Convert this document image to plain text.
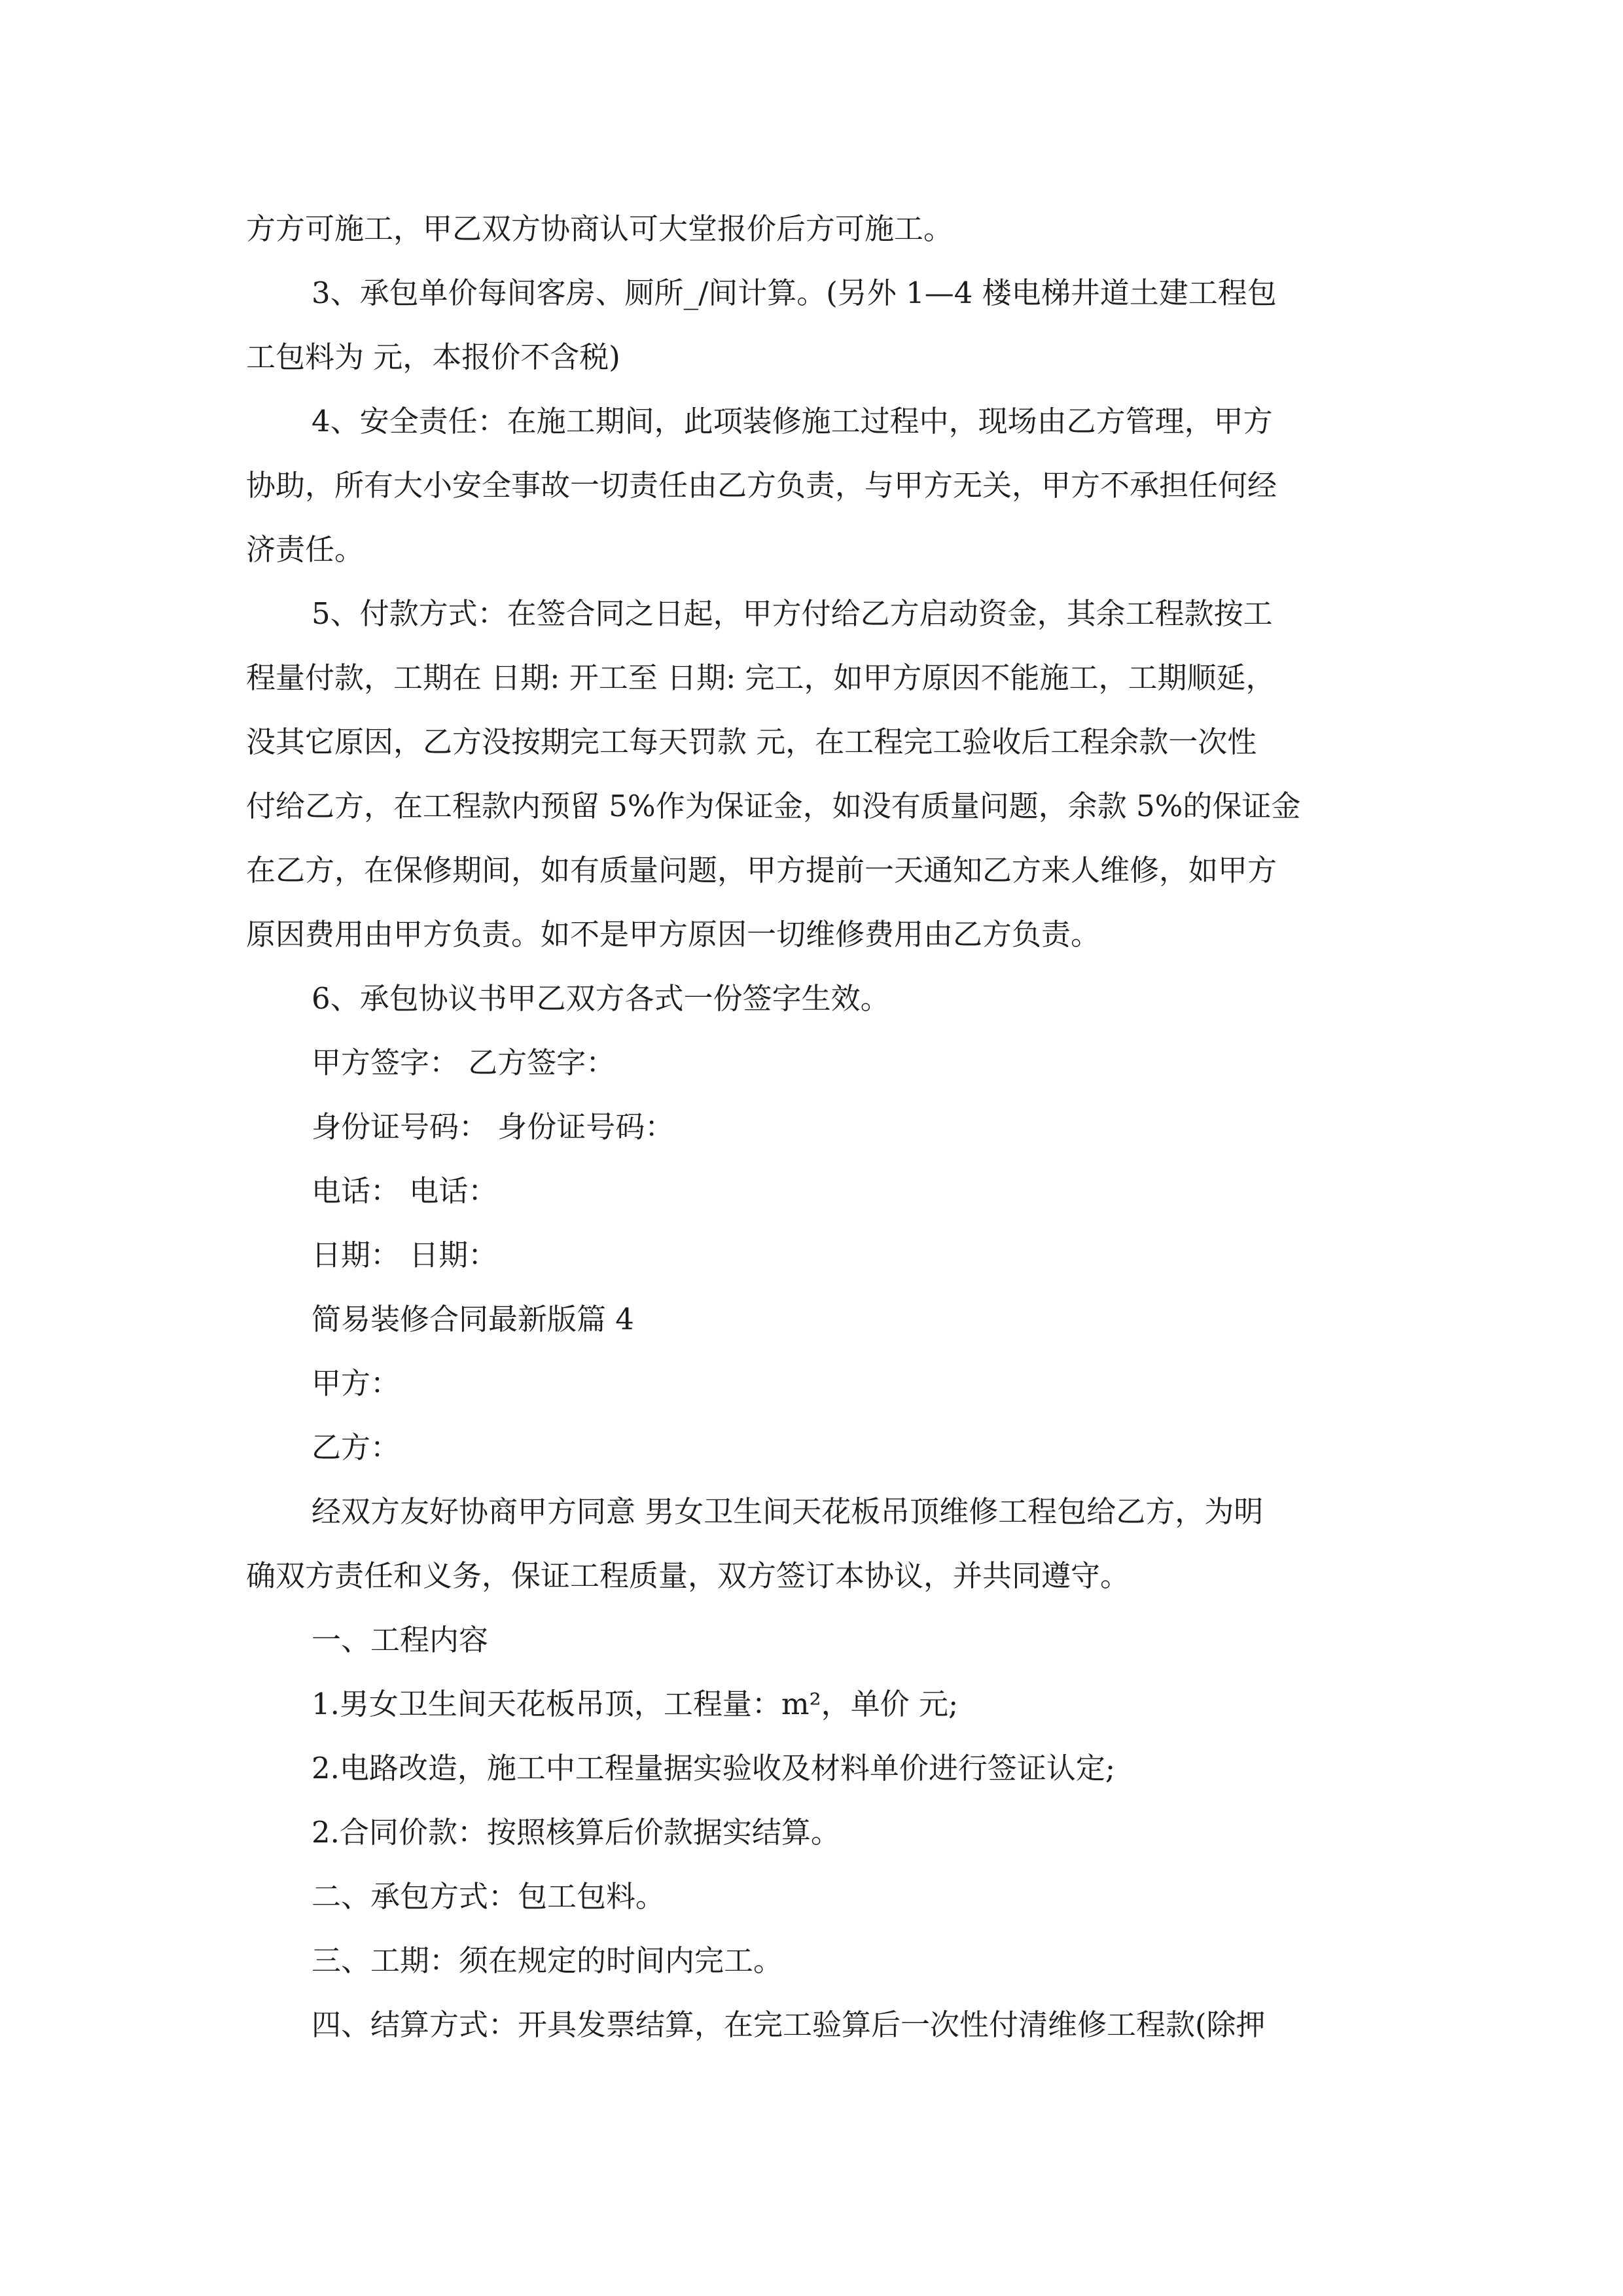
方方可施工，甲乙双方协商认可大堂报价后方可施工。
3、承包单价每间客房、厕所_/间计算。(另外 1—4 楼电梯井道土建工程包
工包料为 元，本报价不含税)
4、安全责任：在施工期间，此项装修施工过程中，现场由乙方管理，甲方
协助，所有大小安全事故一切责任由乙方负责，与甲方无关，甲方不承担任何经
济责任。
5、付款方式：在签合同之日起，甲方付给乙方启动资金，其余工程款按工
程量付款，工期在 日期: 开工至 日期: 完工，如甲方原因不能施工，工期顺延，
没其它原因，乙方没按期完工每天罚款 元，在工程完工验收后工程余款一次性
付给乙方，在工程款内预留 5%作为保证金，如没有质量问题，余款 5%的保证金
在乙方，在保修期间，如有质量问题，甲方提前一天通知乙方来人维修，如甲方
原因费用由甲方负责。如不是甲方原因一切维修费用由乙方负责。
6、承包协议书甲乙双方各式一份签字生效。
甲方签字： 乙方签字：
身份证号码： 身份证号码：
电话： 电话：
日期： 日期：
简易装修合同最新版篇 4
甲方：
乙方：
经双方友好协商甲方同意 男女卫生间天花板吊顶维修工程包给乙方，为明
确双方责任和义务，保证工程质量，双方签订本协议，并共同遵守。
一、工程内容
1.男女卫生间天花板吊顶，工程量：m²，单价 元;
2.电路改造，施工中工程量据实验收及材料单价进行签证认定;
2.合同价款：按照核算后价款据实结算。
二、承包方式：包工包料。
三、工期：须在规定的时间内完工。
四、结算方式：开具发票结算，在完工验算后一次性付清维修工程款(除押
